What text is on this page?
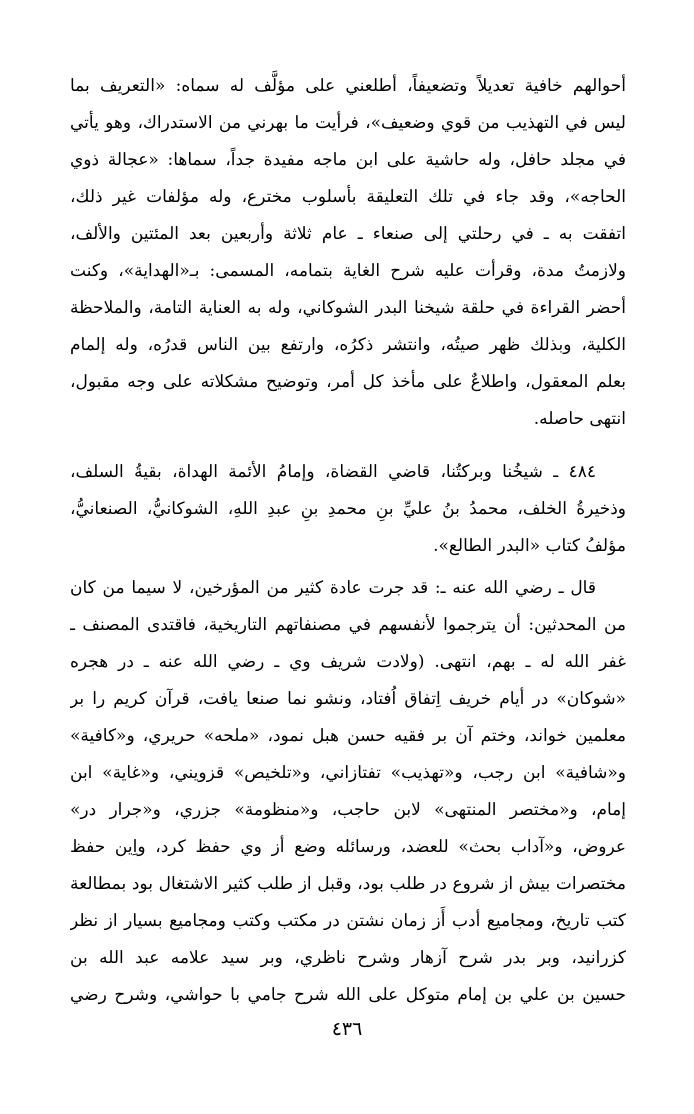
أحوالهم خافية تعديلاً وتضعيفاً، أطلعني على مؤلَّف له سماه: «التعريف بما
ليس في التهذيب من قوي وضعيف»، فرأيت ما بهرني من الاستدراك، وهو يأتي
في مجلد حافل، وله حاشية على ابن ماجه مفيدة جداً، سماها: «عجالة ذوي
الحاجه»، وقد جاء في تلك التعليقة بأسلوب مخترع، وله مؤلفات غير ذلك،
اتفقت به ـ في رحلتي إلى صنعاء ـ عام ثلاثة وأربعين بعد المئتين والألف،
ولازمتُ مدة، وقرأت عليه شرح الغاية بتمامه، المسمى: بـ«الهداية»، وكنت
أحضر القراءة في حلقة شيخنا البدر الشوكاني، وله به العناية التامة، والملاحظة
الكلية، وبذلك ظهر صيتُه، وانتشر ذكرُه، وارتفع بين الناس قدرُه، وله إلمام
بعلم المعقول، واطلاعٌ على مأخذ كل أمر، وتوضيح مشكلاته على وجه مقبول،
انتهى حاصله.
٤٨٤ ـ شيخُنا وبركتُنا، قاضي القضاة، وإمامُ الأئمة الهداة، بقيةُ السلف،
وذخيرةُ الخلف، محمدُ بنُ عليِّ بنِ محمدِ بنِ عبدِ اللهِ، الشوكانيُّ، الصنعانيُّ،
مؤلفُ كتاب «البدر الطالع».
قال ـ رضي الله عنه ـ: قد جرت عادة كثير من المؤرخين، لا سيما من كان
من المحدثين: أن يترجموا لأنفسهم في مصنفاتهم التاريخية، فاقتدى المصنف ـ
غفر الله له ـ بهم، انتهى. (ولادت شريف وي ـ رضي الله عنه ـ در هجره
«شوكان» در أيام خريف اِتفاق اُفتاد، ونشو نما صنعا يافت، قرآن كريم را بر
معلمين خواند، وختم آن بر فقيه حسن هبل نمود، «ملحه» حريري، و«كافية»
و«شافية» ابن رجب، و«تهذيب» تفتازاني، و«تلخيص» قزويني، و«غاية» ابن
إمام، و«مختصر المنتهى» لابن حاجب، و«منظومة» جزري، و«جرار در»
عروض، و«آداب بحث» للعضد، ورسائله وضع أز وي حفظ كرد، واِين حفظ
مختصرات بيش از شروع در طلب بود، وقبل از طلب كثير الاشتغال بود بمطالعة
كتب تاريخ، ومجاميع أدب أَز زمان نشتن در مكتب وكتب ومجاميع بسيار از نظر
كزرانيد، وبر بدر شرح آزهار وشرح ناظري، وبر سيد علامه عبد الله بن
حسين بن علي بن إمام متوكل على الله شرح جامي با حواشي، وشرح رضي
٤٣٦
